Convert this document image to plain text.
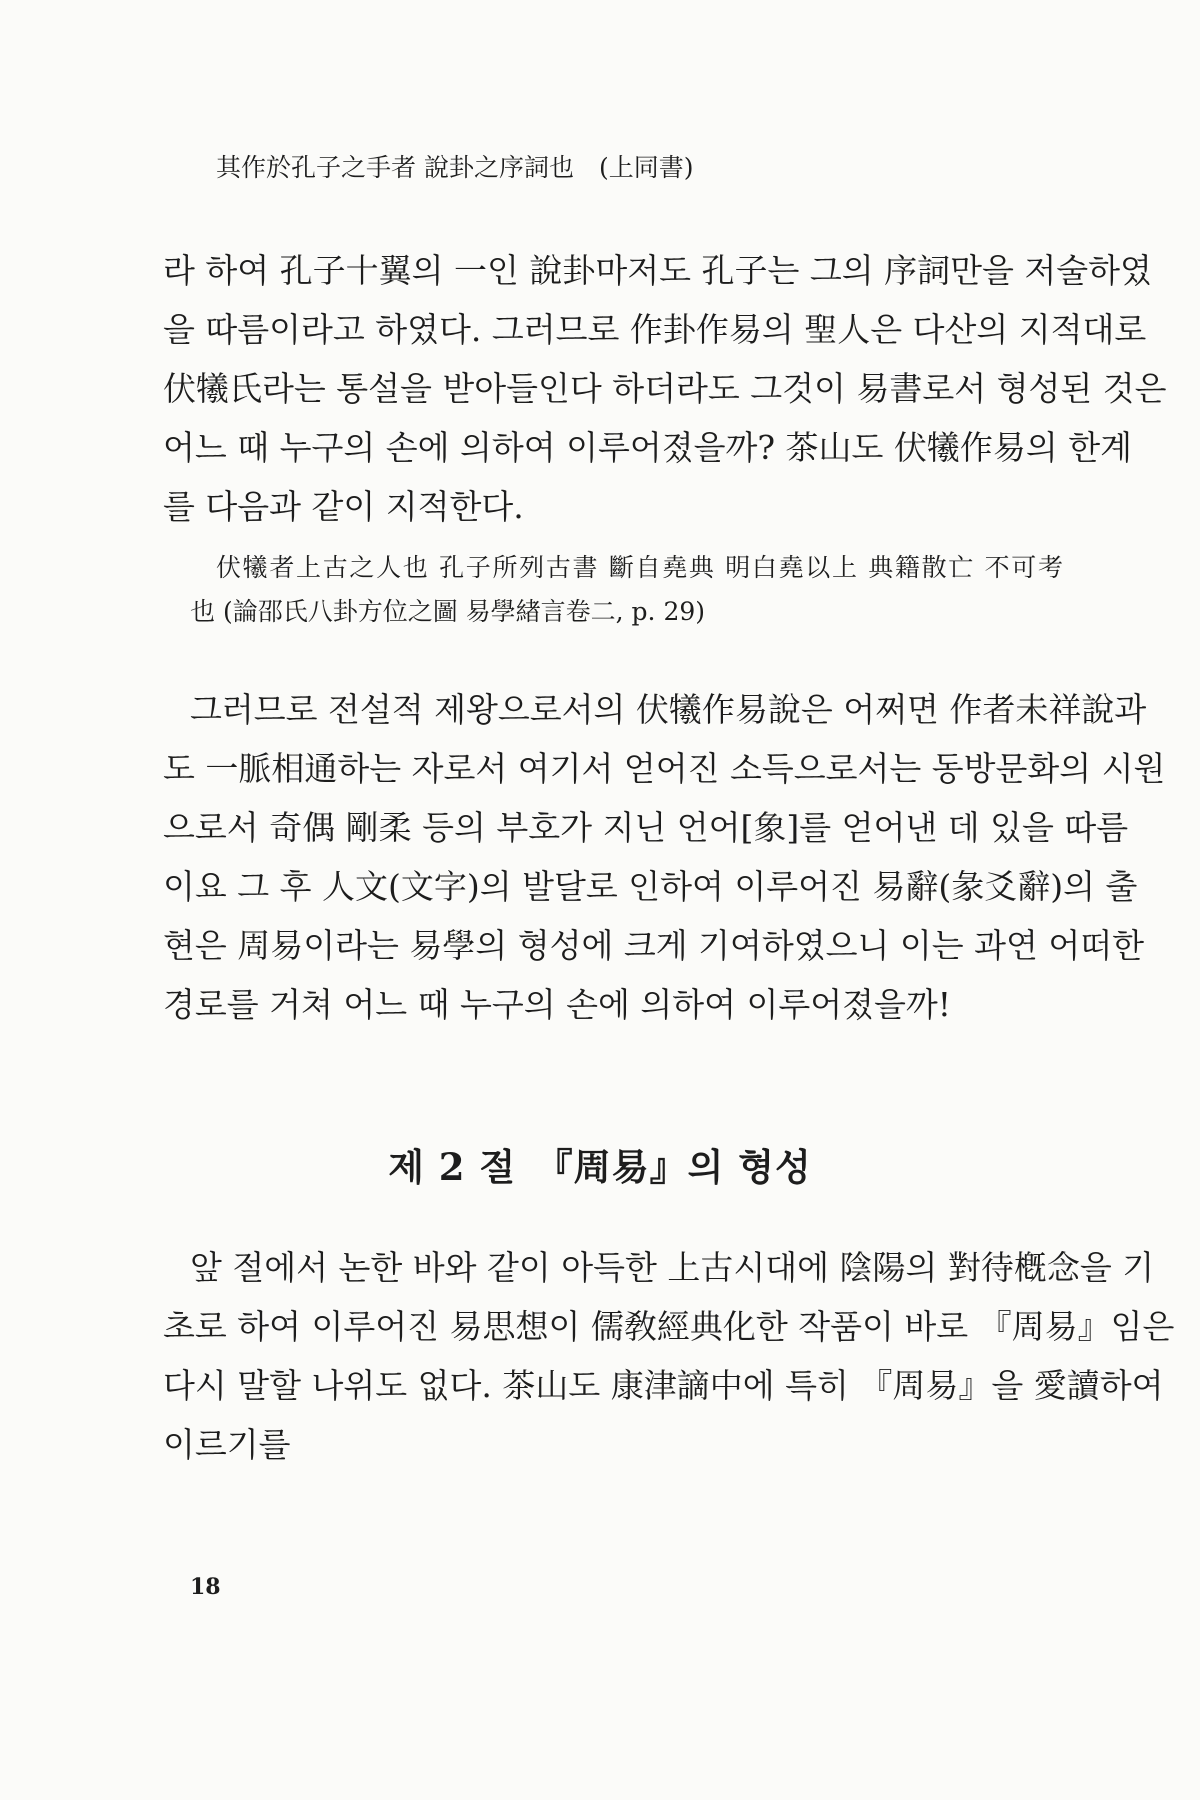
其作於孔子之手者 說卦之序詞也　(上同書)

라 하여 孔子十翼의 一인 說卦마저도 孔子는 그의 序詞만을 저술하였

을 따름이라고 하였다. 그러므로 作卦作易의 聖人은 다산의 지적대로

伏犧氏라는 통설을 받아들인다 하더라도 그것이 易書로서 형성된 것은

어느 때 누구의 손에 의하여 이루어졌을까? 茶山도 伏犧作易의 한계

를 다음과 같이 지적한다.

伏犧者上古之人也 孔子所列古書 斷自堯典 明白堯以上 典籍散亡 不可考

也 (論邵氏八卦方位之圖 易學緖言卷二, p. 29)

그러므로 전설적 제왕으로서의 伏犧作易說은 어쩌면 作者未祥說과

도 一脈相通하는 자로서 여기서 얻어진 소득으로서는 동방문화의 시원

으로서 奇偶 剛柔 등의 부호가 지닌 언어[象]를 얻어낸 데 있을 따름

이요 그 후 人文(文字)의 발달로 인하여 이루어진 易辭(彖爻辭)의 출

현은 周易이라는 易學의 형성에 크게 기여하였으니 이는 과연 어떠한

경로를 거쳐 어느 때 누구의 손에 의하여 이루어졌을까!

제 2 절　『周易』의 형성

앞 절에서 논한 바와 같이 아득한 上古시대에 陰陽의 對待槪念을 기

초로 하여 이루어진 易思想이 儒敎經典化한 작품이 바로 『周易』임은

다시 말할 나위도 없다. 茶山도 康津謫中에 특히 『周易』을 愛讀하여

이르기를

18
